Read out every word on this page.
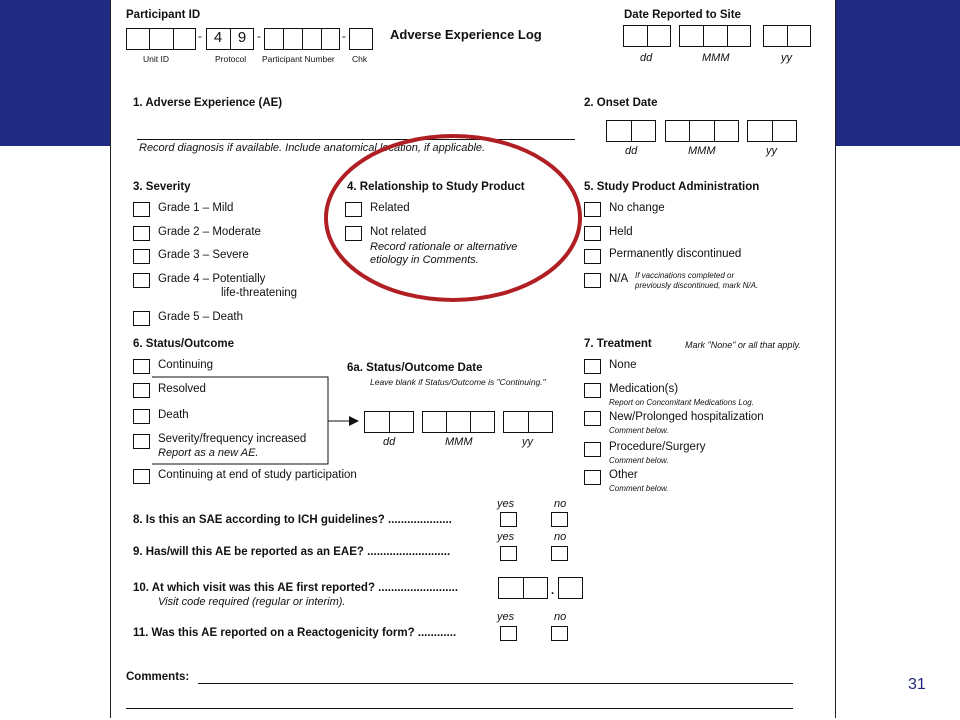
Participant ID
- 4	9 -	-
Unit ID	Protocol Participant Number Chk
Adverse Experience Log
Date Reported to Site
dd	MMM	yy
1. Adverse Experience (AE)
Record diagnosis if available. Include anatomical location, if applicable.
2. Onset Date
dd	MMM	yy
3. Severity
Grade 1 – Mild
Grade 2 – Moderate
Grade 3 – Severe
Grade 4 – Potentially
life-threatening
Grade 5 – Death
4. Relationship to Study Product
Related
Not related
Record rationale or alternative
etiology in Comments.
5. Study Product Administration
No change
Held
Permanently discontinued
N/A If vaccinations completed or
previously discontinued, mark N/A.
6. Status/Outcome
Continuing
Resolved
Death
Severity/frequency increased
Report as a new AE.
Continuing at end of study participation
6a. Status/Outcome Date
Leave blank if Status/Outcome is "Continuing."
dd	MMM	yy
7. Treatment	Mark "None" or all that apply.
None
Medication(s)
Report on Concomitant Medications Log.
New/Prolonged hospitalization
Comment below.
Procedure/Surgery
Comment below.
Other
Comment below.
yes	no
8. Is this an SAE according to ICH guidelines? ....................
yes	no
9. Has/will this AE be reported as an EAE? ..........................
10. At which visit was this AE first reported? .........................
Visit code required (regular or interim).
.
yes	no
11. Was this AE reported on a Reactogenicity form? ............
Comments:	31
